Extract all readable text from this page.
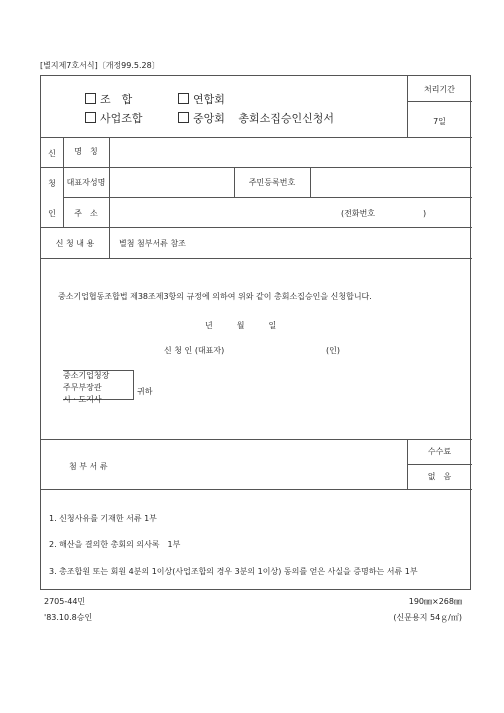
[별지제7호서식]〔개정99.5.28〕
조　합	연합회
사업조합	중앙회 총회소집승인신청서
처리기간
7일
신
청
인
명　칭
대표자성명	주민등록번호
주　소	(전화번호　　　　　　)
신 청 내 용	별첨 첨부서류 참조
중소기업협동조합법 제38조제3항의 규정에 의하여 위와 같이 총회소집승인을 신청합니다.
년　　　월　　　일
신 청 인 (대표자)	(인)
중소기업청장
주무부장관
시 · 도지사
귀하
첨 부 서 류
수수료
없　음
1. 신청사유를 기재한 서류 1부
2. 해산을 결의한 총회의 의사록　1부
3. 총조합원 또는 회원 4분의 1이상(사업조합의 경우 3분의 1이상) 동의를 얻은 사실을 증명하는 서류 1부
2705-44민
'83.10.8승인
190㎜×268㎜
(신문용지 54ｇ/㎡)
